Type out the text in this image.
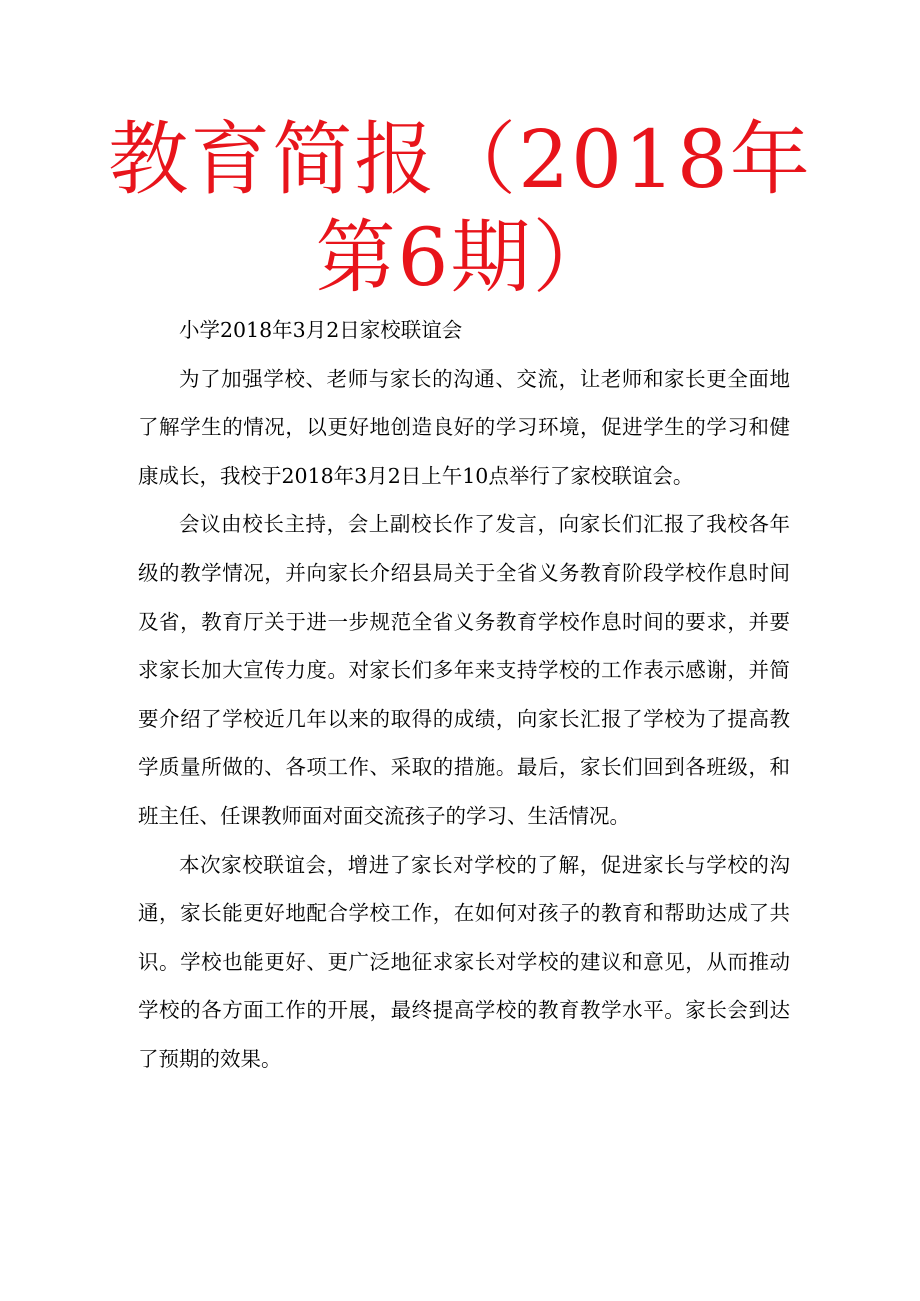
教育简报（2018年
第6期）

小学2018年3月2日家校联谊会

为了加强学校、老师与家长的沟通、交流，让老师和家长更全面地了解学生的情况，以更好地创造良好的学习环境，促进学生的学习和健康成长，我校于2018年3月2日上午10点举行了家校联谊会。

会议由校长主持，会上副校长作了发言，向家长们汇报了我校各年级的教学情况，并向家长介绍县局关于全省义务教育阶段学校作息时间及省，教育厅关于进一步规范全省义务教育学校作息时间的要求，并要求家长加大宣传力度。对家长们多年来支持学校的工作表示感谢，并简要介绍了学校近几年以来的取得的成绩，向家长汇报了学校为了提高教学质量所做的、各项工作、采取的措施。最后，家长们回到各班级，和班主任、任课教师面对面交流孩子的学习、生活情况。

本次家校联谊会，增进了家长对学校的了解，促进家长与学校的沟通，家长能更好地配合学校工作，在如何对孩子的教育和帮助达成了共识。学校也能更好、更广泛地征求家长对学校的建议和意见，从而推动学校的各方面工作的开展，最终提高学校的教育教学水平。家长会到达了预期的效果。
